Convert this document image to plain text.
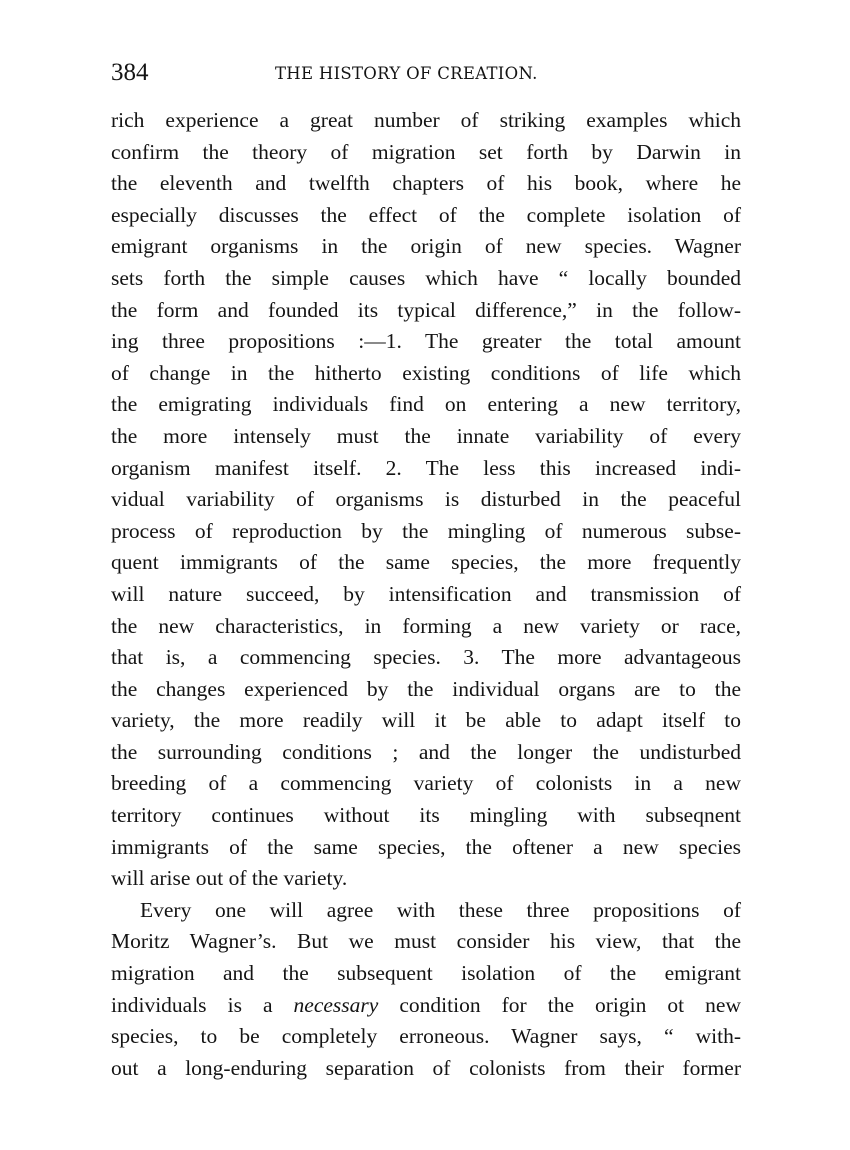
384	THE HISTORY OF CREATION.
rich experience a great number of striking examples which
confirm the theory of migration set forth by Darwin in
the eleventh and twelfth chapters of his book, where he
especially discusses the effect of the complete isolation of
emigrant organisms in the origin of new species. Wagner
sets forth the simple causes which have “ locally bounded
the form and founded its typical difference,” in the follow-
ing three propositions :—1. The greater the total amount
of change in the hitherto existing conditions of life which
the emigrating individuals find on entering a new territory,
the more intensely must the innate variability of every
organism manifest itself. 2. The less this increased indi-
vidual variability of organisms is disturbed in the peaceful
process of reproduction by the mingling of numerous subse-
quent immigrants of the same species, the more frequently
will nature succeed, by intensification and transmission of
the new characteristics, in forming a new variety or race,
that is, a commencing species. 3. The more advantageous
the changes experienced by the individual organs are to the
variety, the more readily will it be able to adapt itself to
the surrounding conditions ; and the longer the undisturbed
breeding of a commencing variety of colonists in a new
territory continues without its mingling with subseqnent
immigrants of the same species, the oftener a new species
will arise out of the variety.
Every one will agree with these three propositions of
Moritz Wagner’s. But we must consider his view, that the
migration and the subsequent isolation of the emigrant
individuals is a necessary condition for the origin ot new
species, to be completely erroneous. Wagner says, “ with-
out a long-enduring separation of colonists from their former
